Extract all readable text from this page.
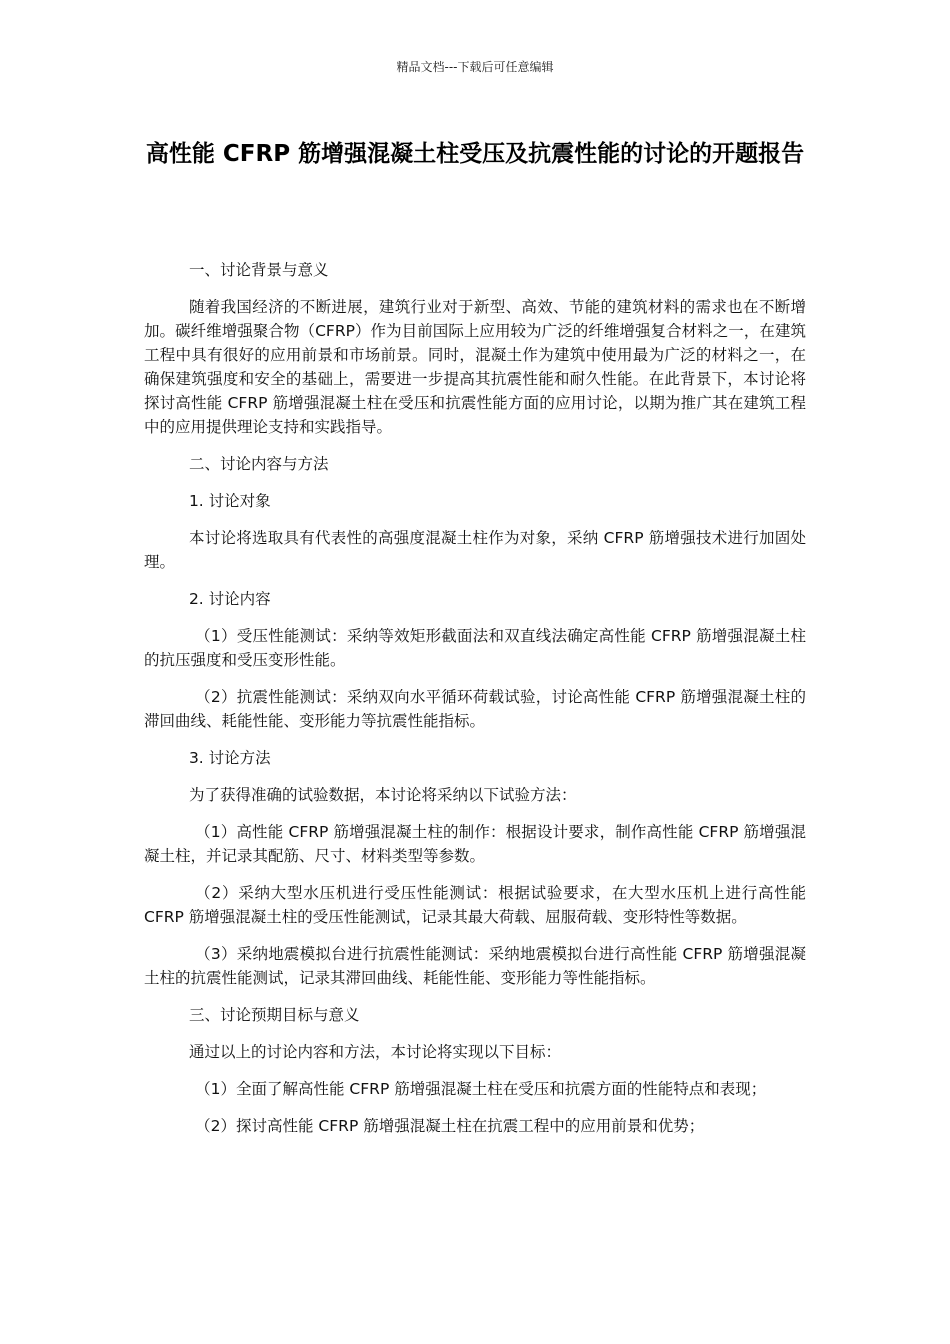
精品文档---下载后可任意编辑
高性能 CFRP 筋增强混凝土柱受压及抗震性能的讨论的开题报告

一、讨论背景与意义

随着我国经济的不断进展，建筑行业对于新型、高效、节能的建筑材料的需求也在不断增加。碳纤维增强聚合物（CFRP）作为目前国际上应用较为广泛的纤维增强复合材料之一，在建筑工程中具有很好的应用前景和市场前景。同时，混凝土作为建筑中使用最为广泛的材料之一，在确保建筑强度和安全的基础上，需要进一步提高其抗震性能和耐久性能。在此背景下，本讨论将探讨高性能 CFRP 筋增强混凝土柱在受压和抗震性能方面的应用讨论，以期为推广其在建筑工程中的应用提供理论支持和实践指导。

二、讨论内容与方法

1. 讨论对象

本讨论将选取具有代表性的高强度混凝土柱作为对象，采纳 CFRP 筋增强技术进行加固处理。

2. 讨论内容

（1）受压性能测试：采纳等效矩形截面法和双直线法确定高性能 CFRP 筋增强混凝土柱的抗压强度和受压变形性能。

（2）抗震性能测试：采纳双向水平循环荷载试验，讨论高性能 CFRP 筋增强混凝土柱的滞回曲线、耗能性能、变形能力等抗震性能指标。

3. 讨论方法

为了获得准确的试验数据，本讨论将采纳以下试验方法：

（1）高性能 CFRP 筋增强混凝土柱的制作：根据设计要求，制作高性能 CFRP 筋增强混凝土柱，并记录其配筋、尺寸、材料类型等参数。

（2）采纳大型水压机进行受压性能测试：根据试验要求，在大型水压机上进行高性能 CFRP 筋增强混凝土柱的受压性能测试，记录其最大荷载、屈服荷载、变形特性等数据。

（3）采纳地震模拟台进行抗震性能测试：采纳地震模拟台进行高性能 CFRP 筋增强混凝土柱的抗震性能测试，记录其滞回曲线、耗能性能、变形能力等性能指标。

三、讨论预期目标与意义

通过以上的讨论内容和方法，本讨论将实现以下目标：

（1）全面了解高性能 CFRP 筋增强混凝土柱在受压和抗震方面的性能特点和表现；

（2）探讨高性能 CFRP 筋增强混凝土柱在抗震工程中的应用前景和优势；
